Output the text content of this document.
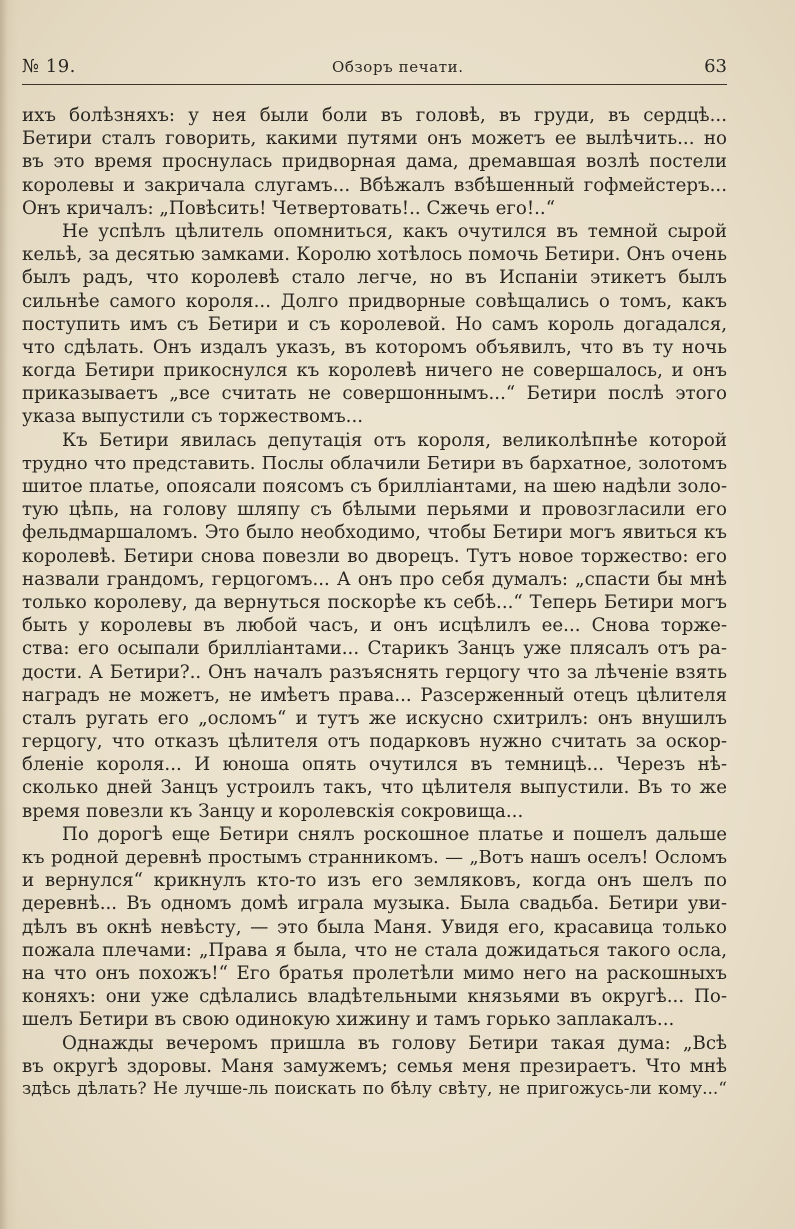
№ 19.	Обзоръ печати.	63
ихъ болѣзняхъ: у нея были боли въ головѣ, въ груди, въ сердцѣ...
Бетири сталъ говорить, какими путями онъ можетъ ее вылѣчить... но
въ это время проснулась придворная дама, дремавшая возлѣ постели
королевы и закричала слугамъ... Вбѣжалъ взбѣшенный гофмейстеръ...
Онъ кричалъ: „Повѣсить! Четвертовать!.. Сжечь его!..“
Не успѣлъ цѣлитель опомниться, какъ очутился въ темной сырой
кельѣ, за десятью замками. Королю хотѣлось помочь Бетири. Онъ очень
былъ радъ, что королевѣ стало легче, но въ Испаніи этикетъ былъ
сильнѣе самого короля... Долго придворные совѣщались о томъ, какъ
поступить имъ съ Бетири и съ королевой. Но самъ король догадался,
что сдѣлать. Онъ издалъ указъ, въ которомъ объявилъ, что въ ту ночь
когда Бетири прикоснулся къ королевѣ ничего не совершалось, и онъ
приказываетъ „все считать не совершоннымъ...“ Бетири послѣ этого
указа выпустили съ торжествомъ...
Къ Бетири явилась депутація отъ короля, великолѣпнѣе которой
трудно что представить. Послы облачили Бетири въ бархатное, золотомъ
шитое платье, опоясали поясомъ съ брилліантами, на шею надѣли золо-
тую цѣпь, на голову шляпу съ бѣлыми перьями и провозгласили его
фельдмаршаломъ. Это было необходимо, чтобы Бетири могъ явиться къ
королевѣ. Бетири снова повезли во дворецъ. Тутъ новое торжество: его
назвали грандомъ, герцогомъ... А онъ про себя думалъ: „спасти бы мнѣ
только королеву, да вернуться поскорѣе къ себѣ...“ Теперь Бетири могъ
быть у королевы въ любой часъ, и онъ исцѣлилъ ее... Снова торже-
ства: его осыпали брилліантами... Старикъ Занцъ уже плясалъ отъ ра-
дости. А Бетири?.. Онъ началъ разъяснять герцогу что за лѣченіе взять
наградъ не можетъ, не имѣетъ права... Разсерженный отецъ цѣлителя
сталъ ругать его „осломъ“ и тутъ же искусно схитрилъ: онъ внушилъ
герцогу, что отказъ цѣлителя отъ подарковъ нужно считать за оскор-
бленіе короля... И юноша опять очутился въ темницѣ... Черезъ нѣ-
сколько дней Занцъ устроилъ такъ, что цѣлителя выпустили. Въ то же
время повезли къ Занцу и королевскія сокровища...
По дорогѣ еще Бетири снялъ роскошное платье и пошелъ дальше
къ родной деревнѣ простымъ странникомъ. — „Вотъ нашъ оселъ! Осломъ
и вернулся“ крикнулъ кто-то изъ его земляковъ, когда онъ шелъ по
деревнѣ... Въ одномъ домѣ играла музыка. Была свадьба. Бетири уви-
дѣлъ въ окнѣ невѣсту, — это была Маня. Увидя его, красавица только
пожала плечами: „Права я была, что не стала дожидаться такого осла,
на что онъ похожъ!“ Его братья пролетѣли мимо него на раскошныхъ
коняхъ: они уже сдѣлались владѣтельными князьями въ округѣ... По-
шелъ Бетири въ свою одинокую хижину и тамъ горько заплакалъ...
Однажды вечеромъ пришла въ голову Бетири такая дума: „Всѣ
въ округѣ здоровы. Маня замужемъ; семья меня презираетъ. Что мнѣ
здѣсь дѣлать? Не лучше-ль поискать по бѣлу свѣту, не пригожусь-ли кому...“
